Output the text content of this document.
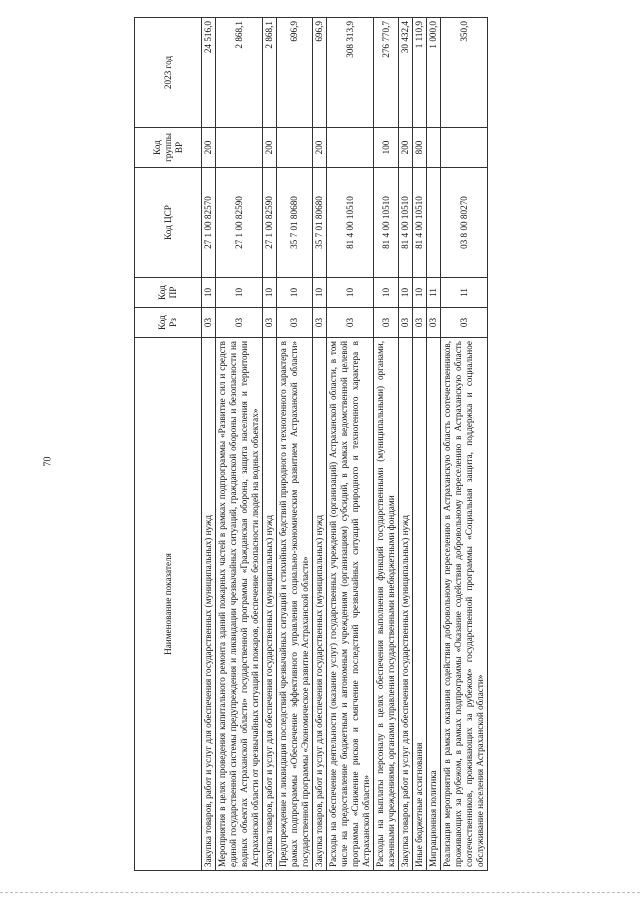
70
Наименование показателя	Код Рз	Код ПР	Код ЦСР	Код группы ВР	2023 год
Закупка товаров, работ и услуг для обеспечения государственных (муниципальных) нужд	03	10	27 1 00 82570	200	24 516,0
Мероприятия в целях проведения капитального ремонта зданий пожарных частей в рамках подпрограммы «Развитие сил и средств единой государственной системы предупреждения и ликвидации чрезвычайных ситуаций, гражданской обороны и безопасности на водных объектах Астраханской области» государственной программы «Гражданская оборона, защита населения и территории Астраханской области от чрезвычайных ситуаций и пожаров, обеспечение безопасности людей на водных объектах»	03	10	27 1 00 82590		2 868,1
Закупка товаров, работ и услуг для обеспечения государственных (муниципальных) нужд	03	10	27 1 00 82590	200	2 868,1
Предупреждение и ликвидация последствий чрезвычайных ситуаций и стихийных бедствий природного и техногенного характера в рамках подпрограммы «Обеспечение эффективного управления социально-экономическим развитием Астраханской области» государственной программы «Экономическое развитие Астраханской области»	03	10	35 7 01 80680		696,9
Закупка товаров, работ и услуг для обеспечения государственных (муниципальных) нужд	03	10	35 7 01 80680	200	696,9
Расходы на обеспечение деятельности (оказание услуг) государственных учреждений (организаций) Астраханской области, в том числе на предоставление бюджетным и автономным учреждениям (организациям) субсидий, в рамках ведомственной целевой программы «Снижение рисков и смягчение последствий чрезвычайных ситуаций природного и техногенного характера в Астраханской области»	03	10	81 4 00 10510		308 313,9
Расходы на выплаты персоналу в целях обеспечения выполнения функций государственными (муниципальными) органами, казенными учреждениями, органами управления государственными внебюджетными фондами	03	10	81 4 00 10510	100	276 770,7
Закупка товаров, работ и услуг для обеспечения государственных (муниципальных) нужд	03	10	81 4 00 10510	200	30 432,4
Иные бюджетные ассигнования	03	10	81 4 00 10510	800	1 110,9
Миграционная политика	03	11			1 000,0
Реализация мероприятий в рамках оказания содействия добровольному переселению в Астраханскую область соотечественников, проживающих за рубежом, в рамках подпрограммы «Оказание содействия добровольному переселению в Астраханскую область соотечественников, проживающих за рубежом» государственной программы «Социальная защита, поддержка и социальное обслуживание населения Астраханской области»	03	11	03 8 00 80270		350,0
